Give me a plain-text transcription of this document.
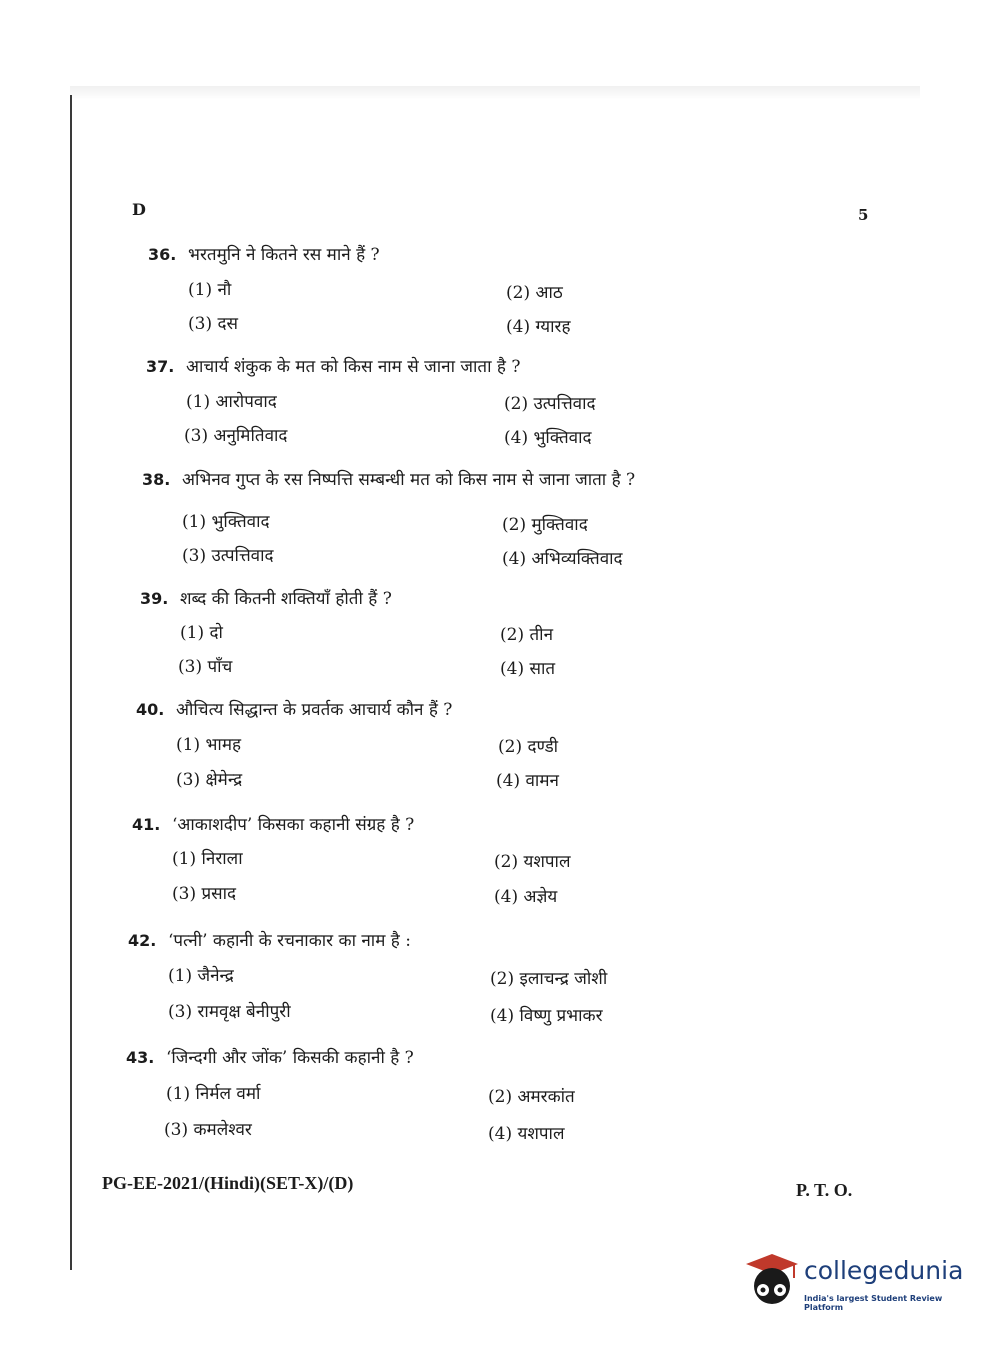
D	5
36. भरतमुनि ने कितने रस माने हैं ?
(1) नौ	(2) आठ
(3) दस	(4) ग्यारह
37. आचार्य शंकुक के मत को किस नाम से जाना जाता है ?
(1) आरोपवाद	(2) उत्पत्तिवाद
(3) अनुमितिवाद	(4) भुक्तिवाद
38. अभिनव गुप्त के रस निष्पत्ति सम्बन्धी मत को किस नाम से जाना जाता है ?
(1) भुक्तिवाद	(2) मुक्तिवाद
(3) उत्पत्तिवाद	(4) अभिव्यक्तिवाद
39. शब्द की कितनी शक्तियाँ होती हैं ?
(1) दो	(2) तीन
(3) पाँच	(4) सात
40. औचित्य सिद्धान्त के प्रवर्तक आचार्य कौन हैं ?
(1) भामह	(2) दण्डी
(3) क्षेमेन्द्र	(4) वामन
41. ‘आकाशदीप’ किसका कहानी संग्रह है ?
(1) निराला	(2) यशपाल
(3) प्रसाद	(4) अज्ञेय
42. ‘पत्नी’ कहानी के रचनाकार का नाम है :
(1) जैनेन्द्र	(2) इलाचन्द्र जोशी
(3) रामवृक्ष बेनीपुरी	(4) विष्णु प्रभाकर
43. ‘जिन्दगी और जोंक’ किसकी कहानी है ?
(1) निर्मल वर्मा	(2) अमरकांत
(3) कमलेश्वर	(4) यशपाल
PG-EE-2021/(Hindi)(SET-X)/(D)	P. T. O.
collegedunia
India's largest Student Review Platform
